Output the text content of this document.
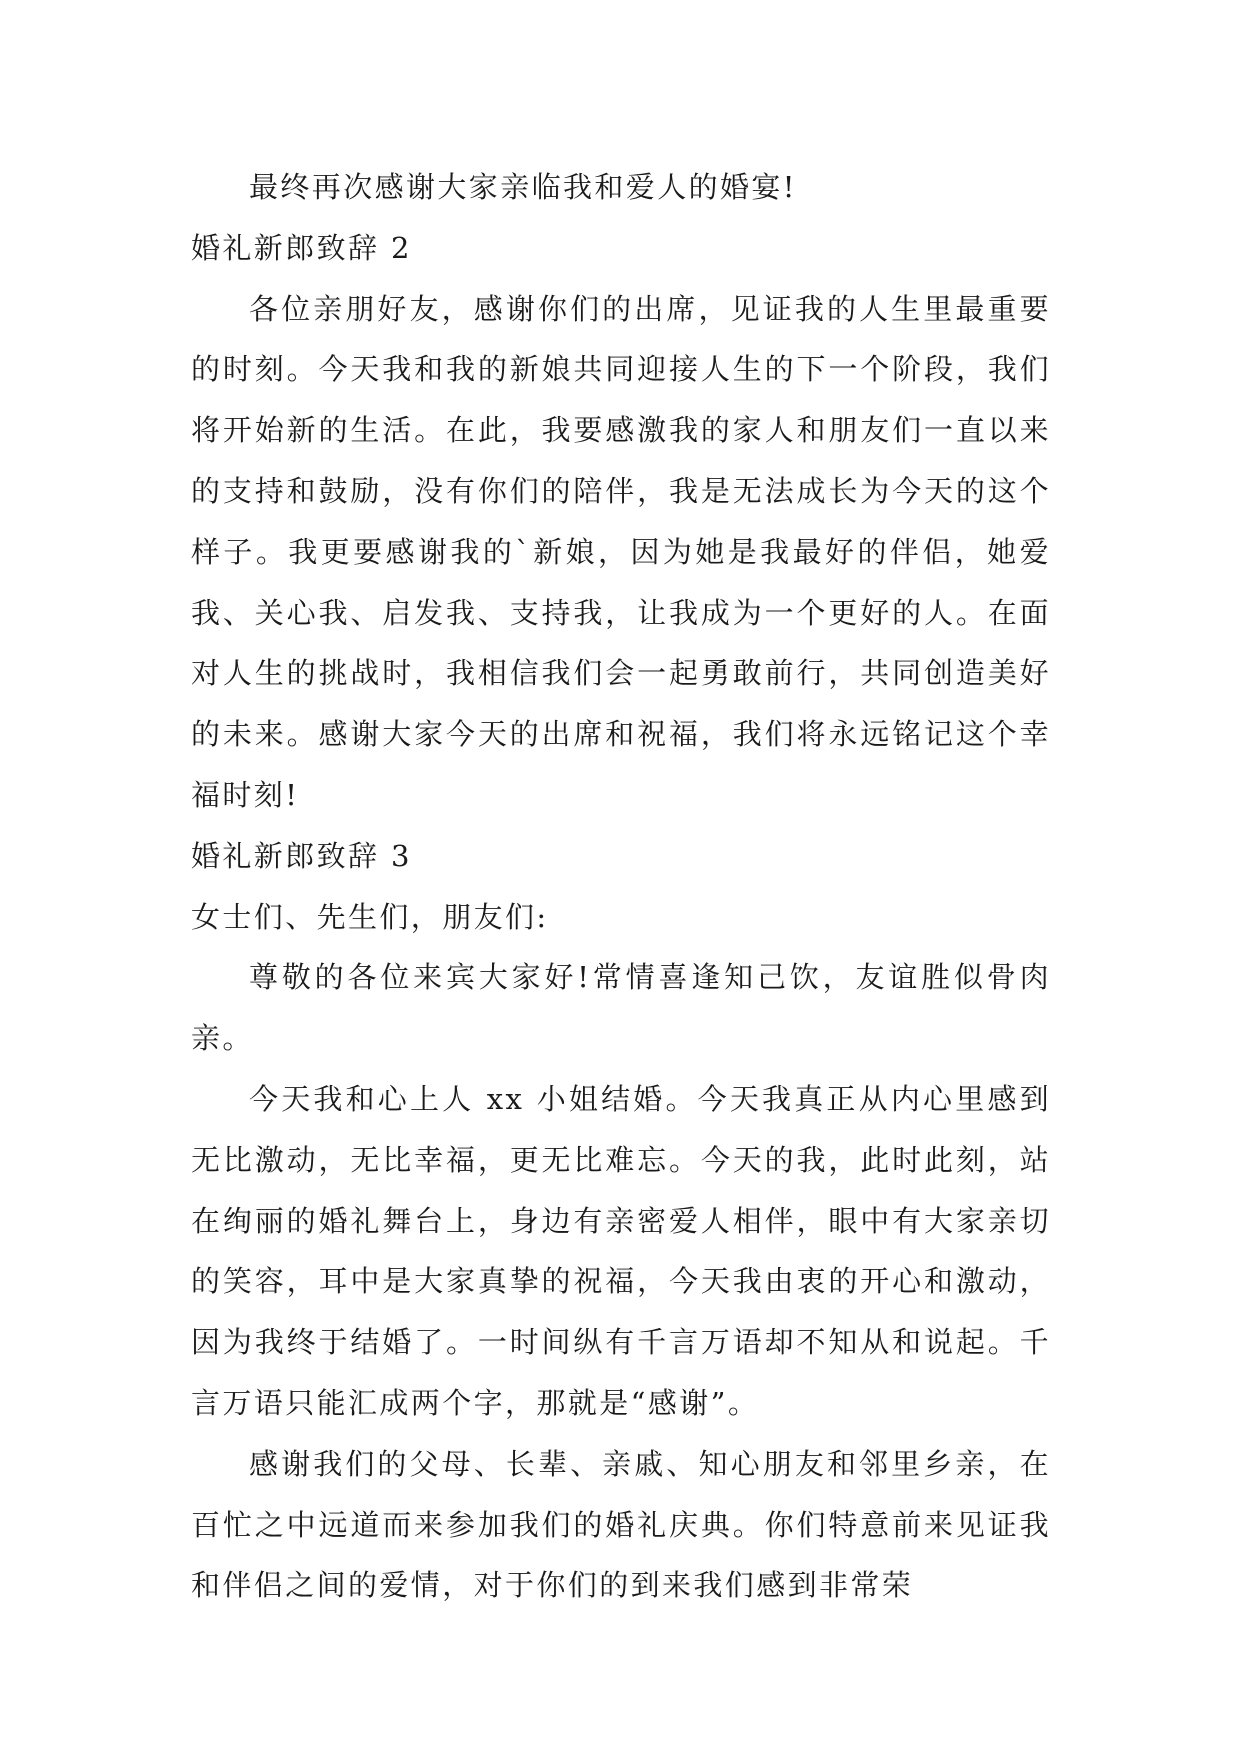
最终再次感谢大家亲临我和爱人的婚宴!

婚礼新郎致辞 2

各位亲朋好友，感谢你们的出席，见证我的人生里最重要的时刻。今天我和我的新娘共同迎接人生的下一个阶段，我们将开始新的生活。在此，我要感激我的家人和朋友们一直以来的支持和鼓励，没有你们的陪伴，我是无法成长为今天的这个样子。我更要感谢我的`新娘，因为她是我最好的伴侣，她爱我、关心我、启发我、支持我，让我成为一个更好的人。在面对人生的挑战时，我相信我们会一起勇敢前行，共同创造美好的未来。感谢大家今天的出席和祝福，我们将永远铭记这个幸福时刻!

婚礼新郎致辞 3

女士们、先生们，朋友们:

尊敬的各位来宾大家好!常情喜逢知己饮，友谊胜似骨肉亲。

今天我和心上人 xx 小姐结婚。今天我真正从内心里感到无比激动，无比幸福，更无比难忘。今天的我，此时此刻，站在绚丽的婚礼舞台上，身边有亲密爱人相伴，眼中有大家亲切的笑容，耳中是大家真挚的祝福，今天我由衷的开心和激动，因为我终于结婚了。一时间纵有千言万语却不知从和说起。千言万语只能汇成两个字，那就是“感谢”。

感谢我们的父母、长辈、亲戚、知心朋友和邻里乡亲，在百忙之中远道而来参加我们的婚礼庆典。你们特意前来见证我和伴侣之间的爱情，对于你们的到来我们感到非常荣
